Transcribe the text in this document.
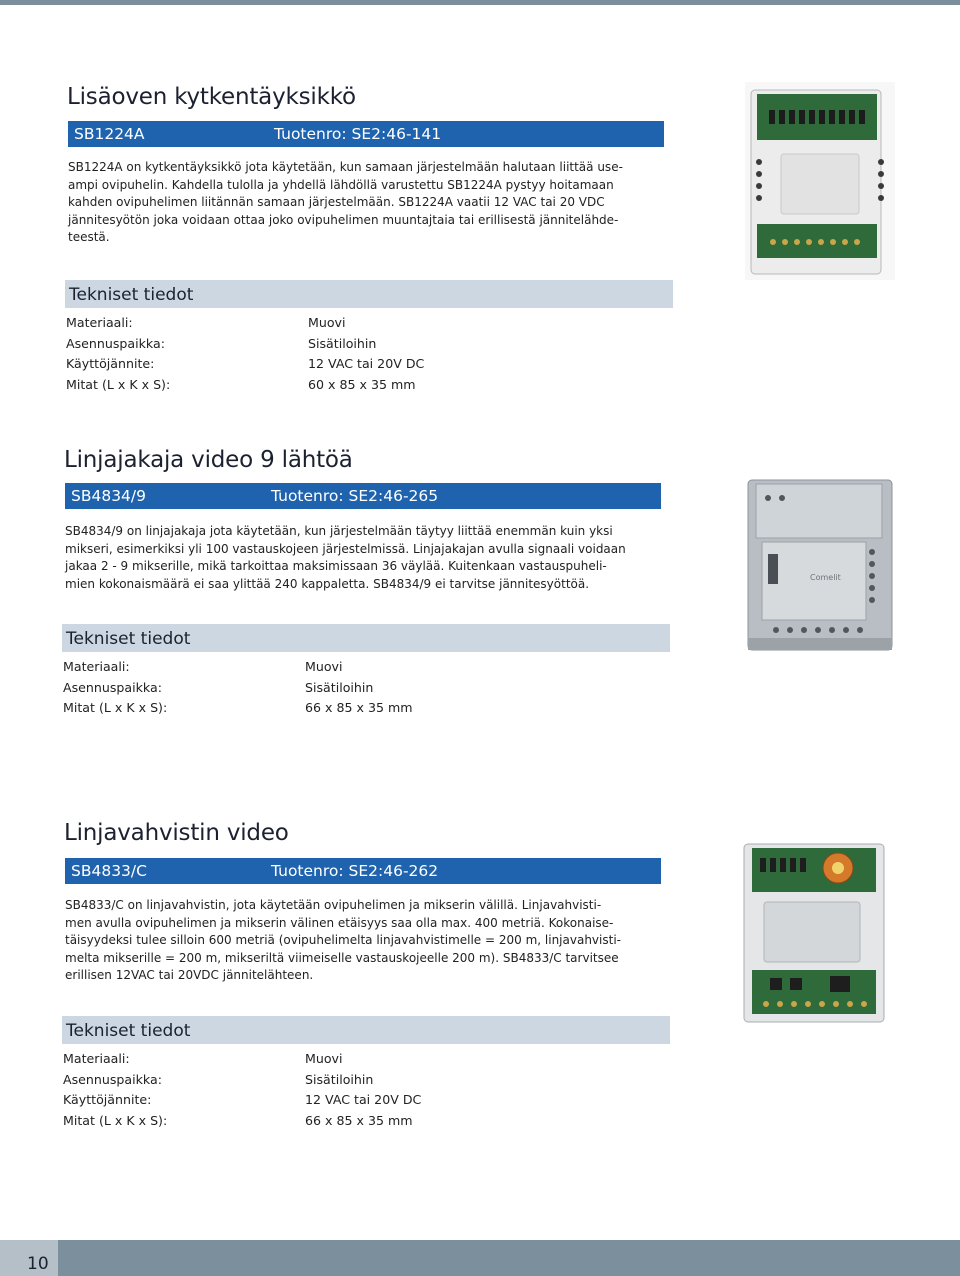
Lisäoven kytkentäyksikkö
SB1224A	Tuotenro: SE2:46-141
SB1224A on kytkentäyksikkö jota käytetään, kun samaan järjestelmään halutaan liittää use-
ampi ovipuhelin. Kahdella tulolla ja yhdellä lähdöllä varustettu SB1224A pystyy hoitamaan
kahden ovipuhelimen liitännän samaan järjestelmään. SB1224A vaatii 12 VAC tai 20 VDC
jännitesyötön joka voidaan ottaa joko ovipuhelimen muuntajtaia tai erillisestä jännitelähde-
teestä.
Tekniset tiedot
Materiaali:	Muovi
Asennuspaikka:	Sisätiloihin
Käyttöjännite:	12 VAC tai 20V DC
Mitat (L x K x S):	60 x 85 x 35 mm
Linjajakaja video 9 lähtöä
SB4834/9	Tuotenro: SE2:46-265
SB4834/9 on linjajakaja jota käytetään, kun järjestelmään täytyy liittää enemmän kuin yksi
mikseri, esimerkiksi yli 100 vastauskojeen järjestelmissä. Linjajakajan avulla signaali voidaan
jakaa 2 - 9 mikserille, mikä tarkoittaa maksimissaan 36 väylää. Kuitenkaan vastauspuheli-
mien kokonaismäärä ei saa ylittää 240 kappaletta. SB4834/9 ei tarvitse jännitesyöttöä.
Tekniset tiedot
Materiaali:	Muovi
Asennuspaikka:	Sisätiloihin
Mitat (L x K x S):	66 x 85 x 35 mm
Comelit
Linjavahvistin video
SB4833/C	Tuotenro: SE2:46-262
SB4833/C on linjavahvistin, jota käytetään ovipuhelimen ja mikserin välillä. Linjavahvisti-
men avulla ovipuhelimen ja mikserin välinen etäisyys saa olla max. 400 metriä. Kokonaise-
täisyydeksi tulee silloin 600 metriä (ovipuhelimelta linjavahvistimelle = 200 m, linjavahvisti-
melta mikserille = 200 m, mikseriltä viimeiselle vastauskojeelle 200 m). SB4833/C tarvitsee
erillisen 12VAC tai 20VDC jännitelähteen.
Tekniset tiedot
Materiaali:	Muovi
Asennuspaikka:	Sisätiloihin
Käyttöjännite:	12 VAC tai 20V DC
Mitat (L x K x S):	66 x 85 x 35 mm
10
